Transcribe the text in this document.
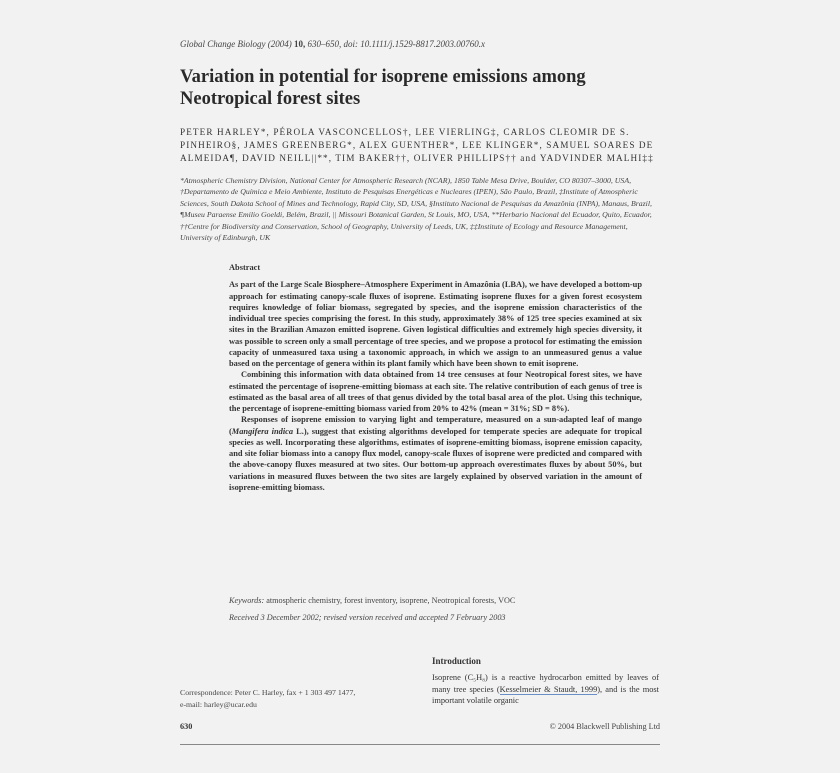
Global Change Biology (2004) 10, 630–650, doi: 10.1111/j.1529-8817.2003.00760.x
Variation in potential for isoprene emissions among Neotropical forest sites
PETER HARLEY*, PÉROLA VASCONCELLOS†, LEE VIERLING‡, CARLOS CLEOMIR DE S. PINHEIRO§, JAMES GREENBERG*, ALEX GUENTHER*, LEE KLINGER*, SAMUEL SOARES DE ALMEIDA¶, DAVID NEILL||**, TIM BAKER††, OLIVER PHILLIPS†† and YADVINDER MALHI‡‡
*Atmospheric Chemistry Division, National Center for Atmospheric Research (NCAR), 1850 Table Mesa Drive, Boulder, CO 80307–3000, USA, †Departamento de Química e Meio Ambiente, Instituto de Pesquisas Energéticas e Nucleares (IPEN), São Paulo, Brazil, ‡Institute of Atmospheric Sciences, South Dakota School of Mines and Technology, Rapid City, SD, USA, §Instituto Nacional de Pesquisas da Amazônia (INPA), Manaus, Brazil, ¶Museu Paraense Emilio Goeldi, Belém, Brazil, || Missouri Botanical Garden, St Louis, MO, USA, **Herbario Nacional del Ecuador, Quito, Ecuador, ††Centre for Biodiversity and Conservation, School of Geography, University of Leeds, UK, ‡‡Institute of Ecology and Resource Management, University of Edinburgh, UK
Abstract

As part of the Large Scale Biosphere–Atmosphere Experiment in Amazônia (LBA), we have developed a bottom-up approach for estimating canopy-scale fluxes of isoprene. Estimating isoprene fluxes for a given forest ecosystem requires knowledge of foliar biomass, segregated by species, and the isoprene emission characteristics of the individual tree species comprising the forest. In this study, approximately 38% of 125 tree species examined at six sites in the Brazilian Amazon emitted isoprene. Given logistical difficulties and extremely high species diversity, it was possible to screen only a small percentage of tree species, and we propose a protocol for estimating the emission capacity of unmeasured taxa using a taxonomic approach, in which we assign to an unmeasured genus a value based on the percentage of genera within its plant family which have been shown to emit isoprene.

Combining this information with data obtained from 14 tree censuses at four Neotropical forest sites, we have estimated the percentage of isoprene-emitting biomass at each site. The relative contribution of each genus of tree is estimated as the basal area of all trees of that genus divided by the total basal area of the plot. Using this technique, the percentage of isoprene-emitting biomass varied from 20% to 42% (mean = 31%; SD = 8%).

Responses of isoprene emission to varying light and temperature, measured on a sun-adapted leaf of mango (Mangifera indica L.), suggest that existing algorithms developed for temperate species are adequate for tropical species as well. Incorporating these algorithms, estimates of isoprene-emitting biomass, isoprene emission capacity, and site foliar biomass into a canopy flux model, canopy-scale fluxes of isoprene were predicted and compared with the above-canopy fluxes measured at two sites. Our bottom-up approach overestimates fluxes by about 50%, but variations in measured fluxes between the two sites are largely explained by observed variation in the amount of isoprene-emitting biomass.

Keywords: atmospheric chemistry, forest inventory, isoprene, Neotropical forests, VOC
Received 3 December 2002; revised version received and accepted 7 February 2003
Introduction
Isoprene (C₅H₈) is a reactive hydrocarbon emitted by leaves of many tree species (Kesselmeier & Staudt, 1999), and is the most important volatile organic
Correspondence: Peter C. Harley, fax + 1 303 497 1477,
e-mail: harley@ucar.edu
630	© 2004 Blackwell Publishing Ltd
